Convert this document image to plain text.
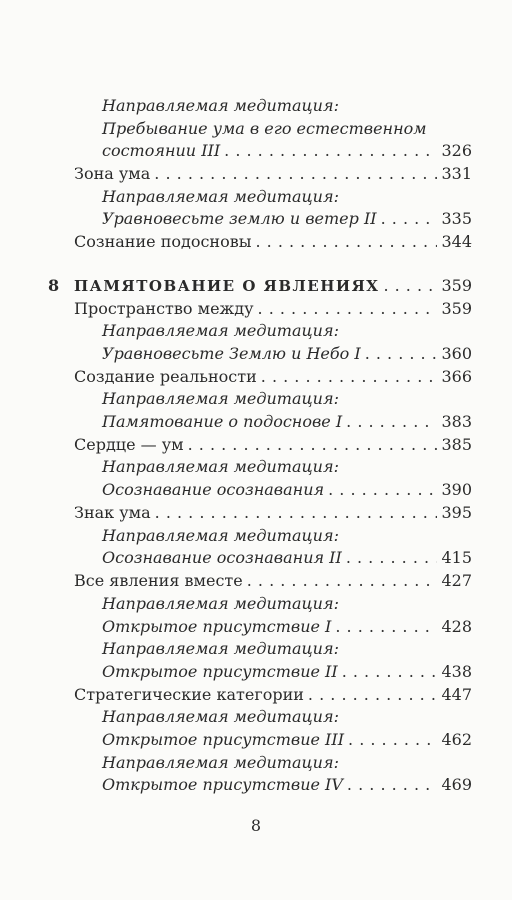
Направляемая медитация:
Пребывание ума в его естественном
состоянии III . . .	326
Зона ума . . .	331
Направляемая медитация:
Уравновесьте землю и ветер II . . .	335
Сознание подосновы . . .	344
8 ПАМЯТОВАНИЕ О ЯВЛЕНИЯХ . . .	359
Пространство между . . .	359
Направляемая медитация:
Уравновесьте Землю и Небо I . . .	360
Создание реальности . . .	366
Направляемая медитация:
Памятование о подоснове I . . .	383
Сердце — ум . . .	385
Направляемая медитация:
Осознавание осознавания . . .	390
Знак ума . . .	395
Направляемая медитация:
Осознавание осознавания II . . .	415
Все явления вместе . . .	427
Направляемая медитация:
Открытое присутствие I . . .	428
Направляемая медитация:
Открытое присутствие II . . .	438
Стратегические категории . . .	447
Направляемая медитация:
Открытое присутствие III . . .	462
Направляемая медитация:
Открытое присутствие IV . . .	469
8
